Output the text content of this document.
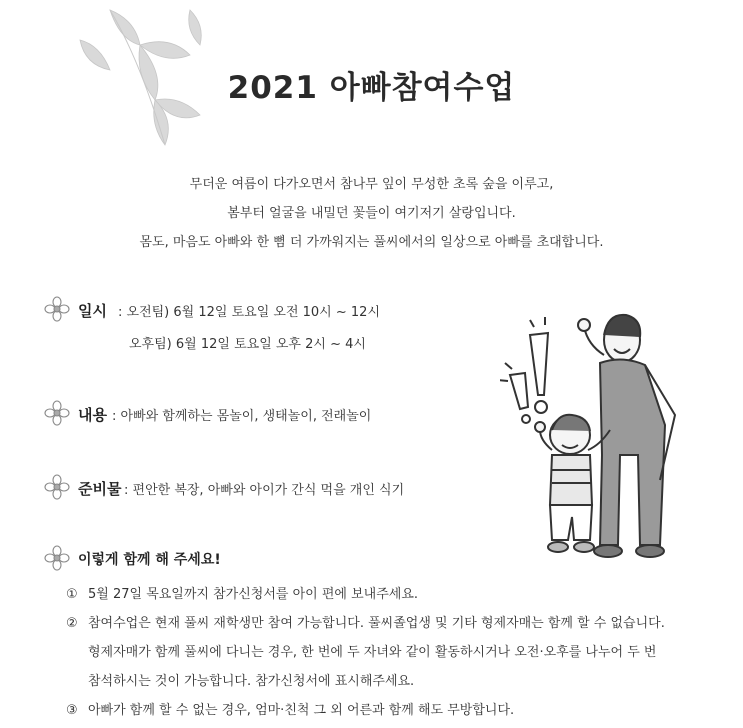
2021 아빠참여수업
무더운 여름이 다가오면서 참나무 잎이 무성한 초록 숲을 이루고,
봄부터 얼굴을 내밀던 꽃들이 여기저기 살랑입니다.
몸도, 마음도 아빠와 한 뼘 더 가까워지는 풀씨에서의 일상으로 아빠를 초대합니다.
일시 : 오전팀) 6월 12일 토요일 오전 10시 ~ 12시
오후팀) 6월 12일 토요일 오후 2시 ~ 4시
내용 : 아빠와 함께하는 몸놀이, 생태놀이, 전래놀이
준비물 : 편안한 복장, 아빠와 아이가 간식 먹을 개인 식기
이렇게 함께 해 주세요!
① 5월 27일 목요일까지 참가신청서를 아이 편에 보내주세요.
② 참여수업은 현재 풀씨 재학생만 참여 가능합니다. 풀씨졸업생 및 기타 형제자매는 함께 할 수 없습니다.
형제자매가 함께 풀씨에 다니는 경우, 한 번에 두 자녀와 같이 활동하시거나 오전·오후를 나누어 두 번
참석하시는 것이 가능합니다. 참가신청서에 표시해주세요.
③ 아빠가 함께 할 수 없는 경우, 엄마·친척 그 외 어른과 함께 해도 무방합니다.
